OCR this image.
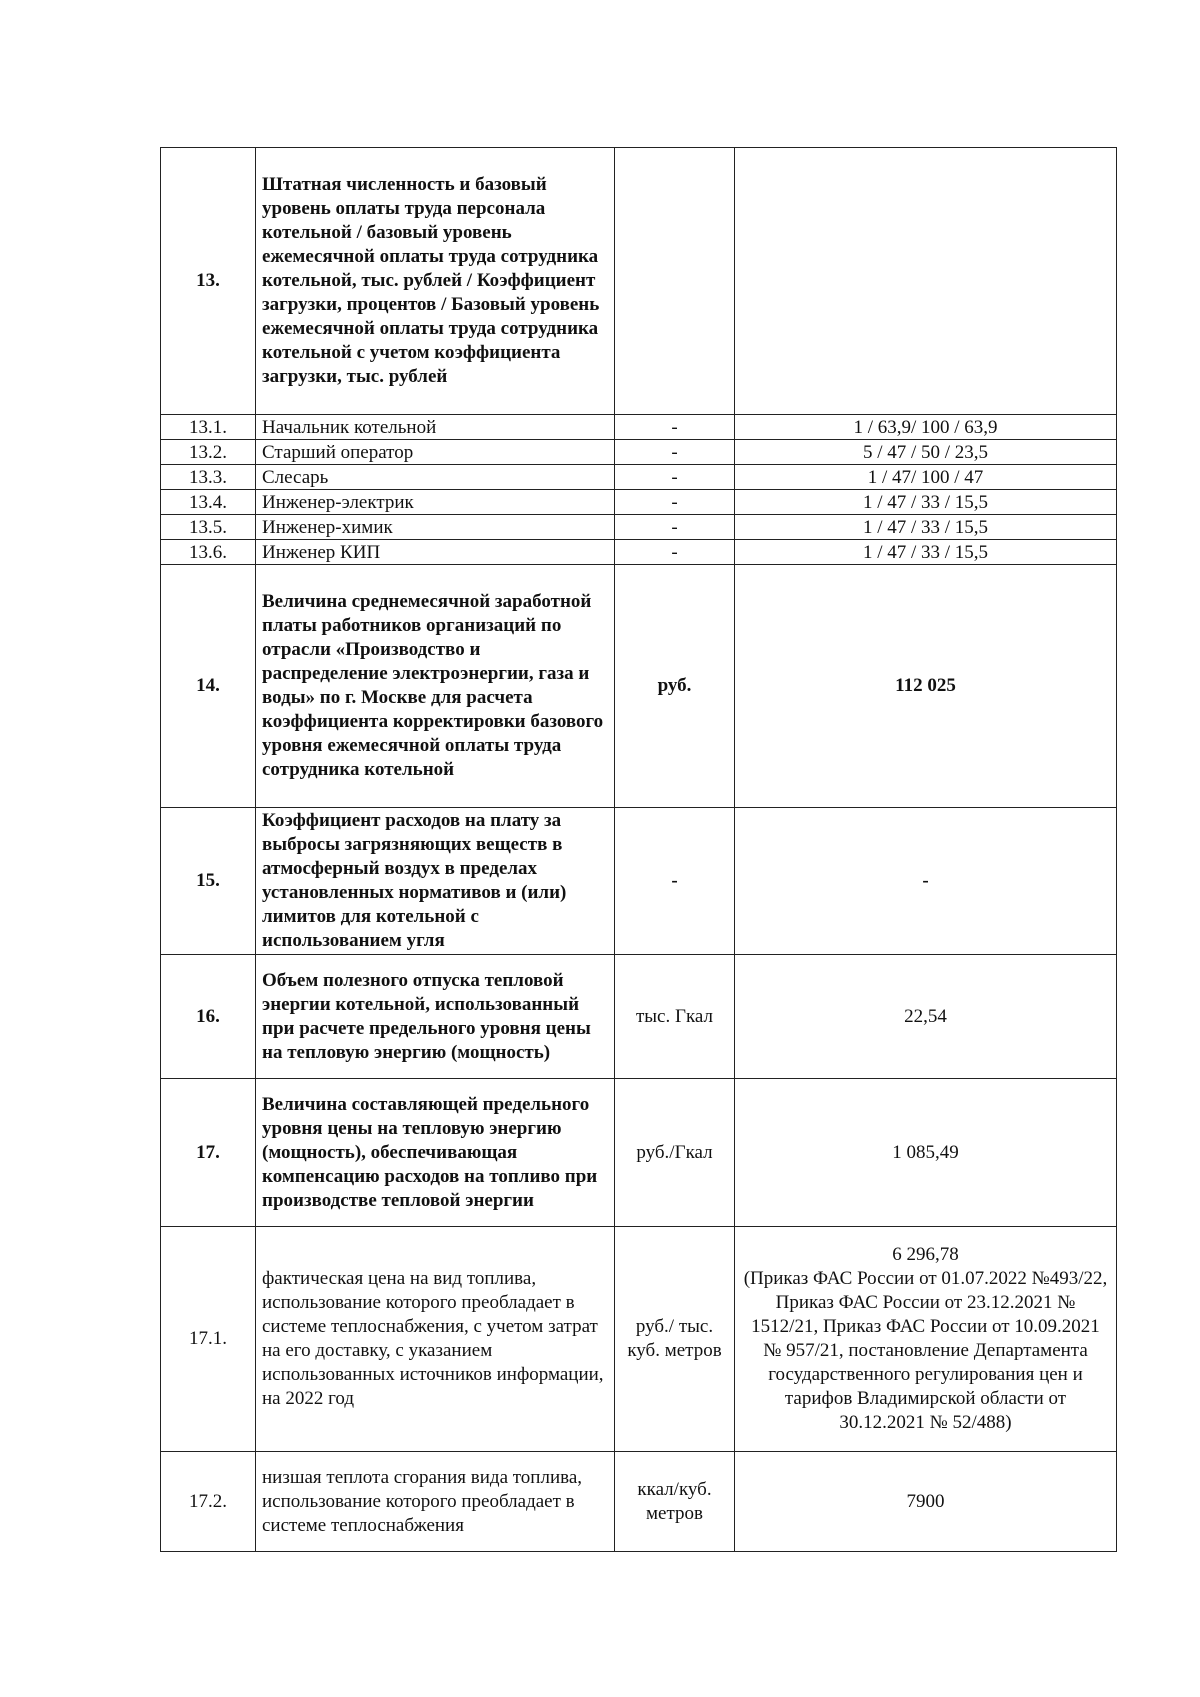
13.	Штатная численность и базовый уровень оплаты труда персонала котельной / базовый уровень ежемесячной оплаты труда сотрудника котельной, тыс. рублей / Коэффициент загрузки, процентов / Базовый уровень ежемесячной оплаты труда сотрудника котельной с учетом коэффициента загрузки, тыс. рублей		
13.1.	Начальник котельной	-	1 / 63,9/ 100 / 63,9
13.2.	Старший оператор	-	5 / 47 / 50 / 23,5
13.3.	Слесарь	-	1 / 47/ 100 / 47
13.4.	Инженер-электрик	-	1 / 47 / 33 / 15,5
13.5.	Инженер-химик	-	1 / 47 / 33 / 15,5
13.6.	Инженер КИП	-	1 / 47 / 33 / 15,5
14.	Величина среднемесячной заработной платы работников организаций по отрасли «Производство и распределение электроэнергии, газа и воды» по г. Москве для расчета коэффициента корректировки базового уровня ежемесячной оплаты труда сотрудника котельной	руб.	112 025
15.	Коэффициент расходов на плату за выбросы загрязняющих веществ в атмосферный воздух в пределах установленных нормативов и (или) лимитов для котельной с использованием угля	-	-
16.	Объем полезного отпуска тепловой энергии котельной, использованный при расчете предельного уровня цены на тепловую энергию (мощность)	тыс. Гкал	22,54
17.	Величина составляющей предельного уровня цены на тепловую энергию (мощность), обеспечивающая компенсацию расходов на топливо при производстве тепловой энергии	руб./Гкал	1 085,49
17.1.	фактическая цена на вид топлива, использование которого преобладает в системе теплоснабжения, с учетом затрат на его доставку, с указанием использованных источников информации, на 2022 год	руб./ тыс. куб. метров	6 296,78
(Приказ ФАС России от 01.07.2022 №493/22, Приказ ФАС России от 23.12.2021 № 1512/21, Приказ ФАС России от 10.09.2021 № 957/21, постановление Департамента государственного регулирования цен и тарифов Владимирской области от 30.12.2021 № 52/488)

17.2.	низшая теплота сгорания вида топлива, использование которого преобладает в системе теплоснабжения	ккал/куб. метров	7900
